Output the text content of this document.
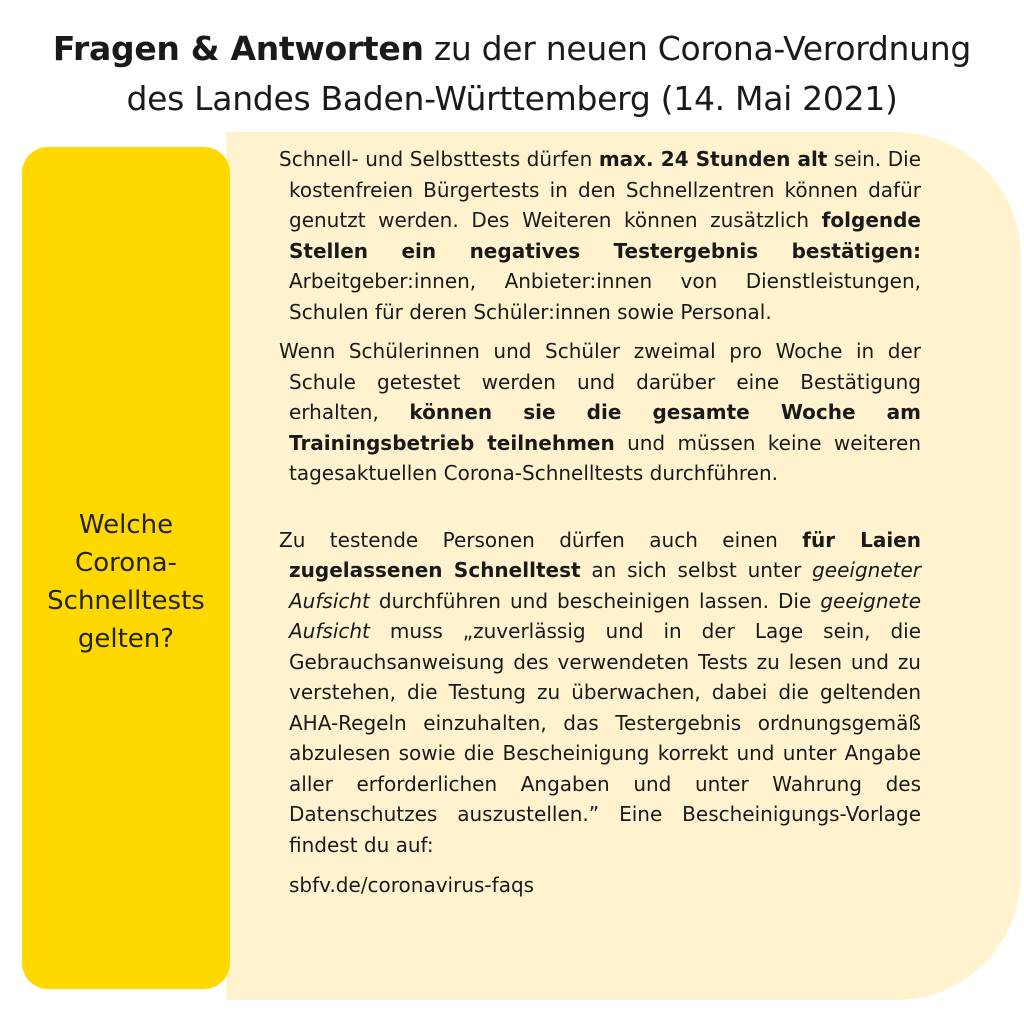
Fragen & Antworten zu der neuen Corona-Verordnung
des Landes Baden-Württemberg (14. Mai 2021)
Welche
Corona-
Schnelltests
gelten?

Schnell- und Selbsttests dürfen max. 24 Stunden alt sein. Die kostenfreien Bürgertests in den Schnellzentren können dafür genutzt werden. Des Weiteren können zusätzlich folgende Stellen ein negatives Testergebnis bestätigen: Arbeitgeber:innen, Anbieter:innen von Dienstleistungen, Schulen für deren Schüler:innen sowie Personal.

Wenn Schülerinnen und Schüler zweimal pro Woche in der Schule getestet werden und darüber eine Bestätigung erhalten, können sie die gesamte Woche am Trainingsbetrieb teilnehmen und müssen keine weiteren tagesaktuellen Corona-Schnelltests durchführen.

Zu testende Personen dürfen auch einen für Laien zugelassenen Schnelltest an sich selbst unter geeigneter Aufsicht durchführen und bescheinigen lassen. Die geeignete Aufsicht muss „zuverlässig und in der Lage sein, die Gebrauchsanweisung des verwendeten Tests zu lesen und zu verstehen, die Testung zu überwachen, dabei die geltenden AHA-Regeln einzuhalten, das Testergebnis ordnungsgemäß abzulesen sowie die Bescheinigung korrekt und unter Angabe aller erforderlichen Angaben und unter Wahrung des Datenschutzes auszustellen.” Eine Bescheinigungs-Vorlage findest du auf:

sbfv.de/coronavirus-faqs
